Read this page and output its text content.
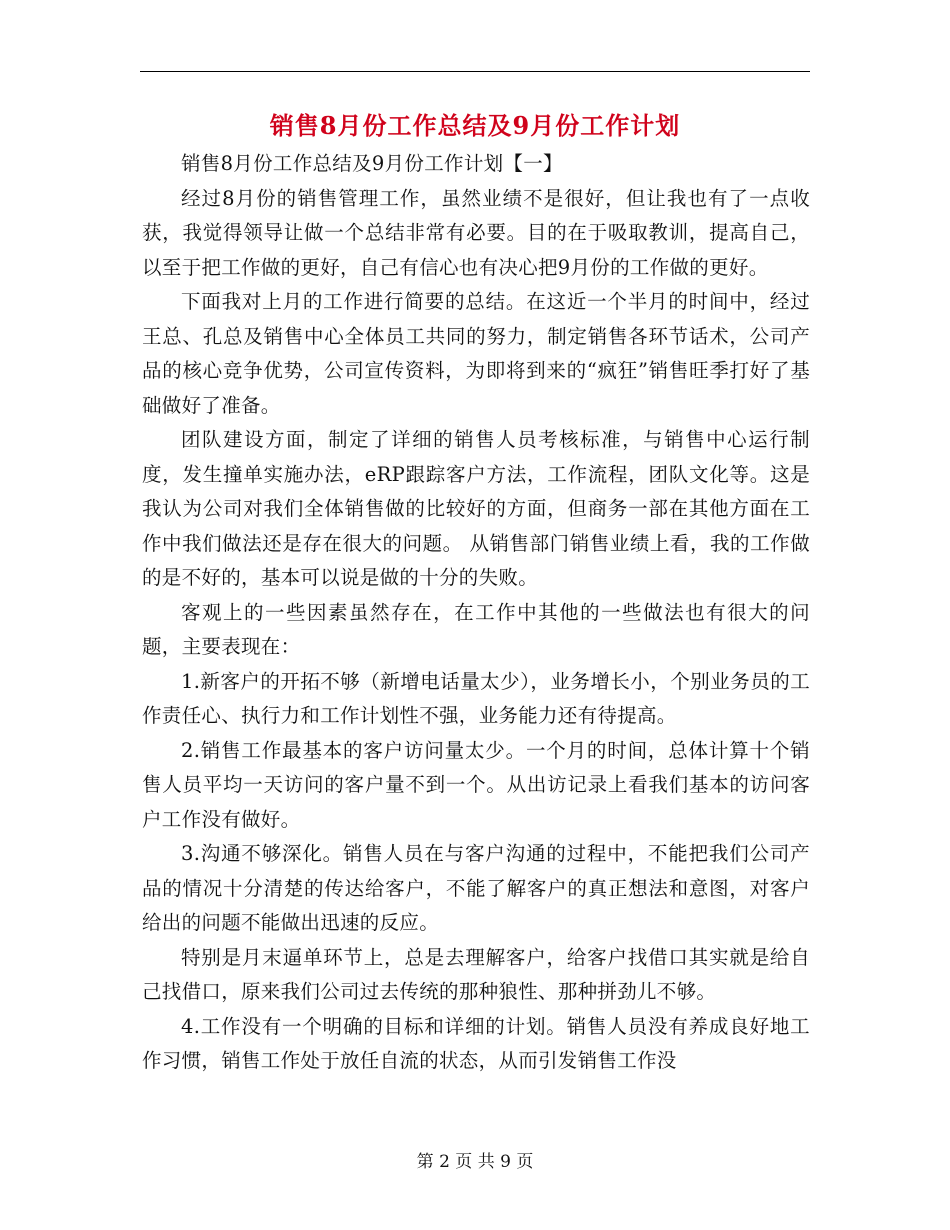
销售8月份工作总结及9月份工作计划

销售8月份工作总结及9月份工作计划【一】

经过8月份的销售管理工作，虽然业绩不是很好，但让我也有了一点收获，我觉得领导让做一个总结非常有必要。目的在于吸取教训，提高自己，以至于把工作做的更好，自己有信心也有决心把9月份的工作做的更好。

下面我对上月的工作进行简要的总结。在这近一个半月的时间中，经过王总、孔总及销售中心全体员工共同的努力，制定销售各环节话术，公司产品的核心竞争优势，公司宣传资料，为即将到来的“疯狂”销售旺季打好了基础做好了准备。

团队建设方面，制定了详细的销售人员考核标准，与销售中心运行制度，发生撞单实施办法，eRP跟踪客户方法，工作流程，团队文化等。这是我认为公司对我们全体销售做的比较好的方面，但商务一部在其他方面在工作中我们做法还是存在很大的问题。 从销售部门销售业绩上看，我的工作做的是不好的，基本可以说是做的十分的失败。

客观上的一些因素虽然存在，在工作中其他的一些做法也有很大的问题，主要表现在：

1.新客户的开拓不够（新增电话量太少），业务增长小，个别业务员的工作责任心、执行力和工作计划性不强，业务能力还有待提高。

2.销售工作最基本的客户访问量太少。一个月的时间，总体计算十个销售人员平均一天访问的客户量不到一个。从出访记录上看我们基本的访问客户工作没有做好。

3.沟通不够深化。销售人员在与客户沟通的过程中，不能把我们公司产品的情况十分清楚的传达给客户，不能了解客户的真正想法和意图，对客户给出的问题不能做出迅速的反应。

特别是月末逼单环节上，总是去理解客户，给客户找借口其实就是给自己找借口，原来我们公司过去传统的那种狼性、那种拼劲儿不够。

4.工作没有一个明确的目标和详细的计划。销售人员没有养成良好地工作习惯，销售工作处于放任自流的状态，从而引发销售工作没

第 2 页 共 9 页
